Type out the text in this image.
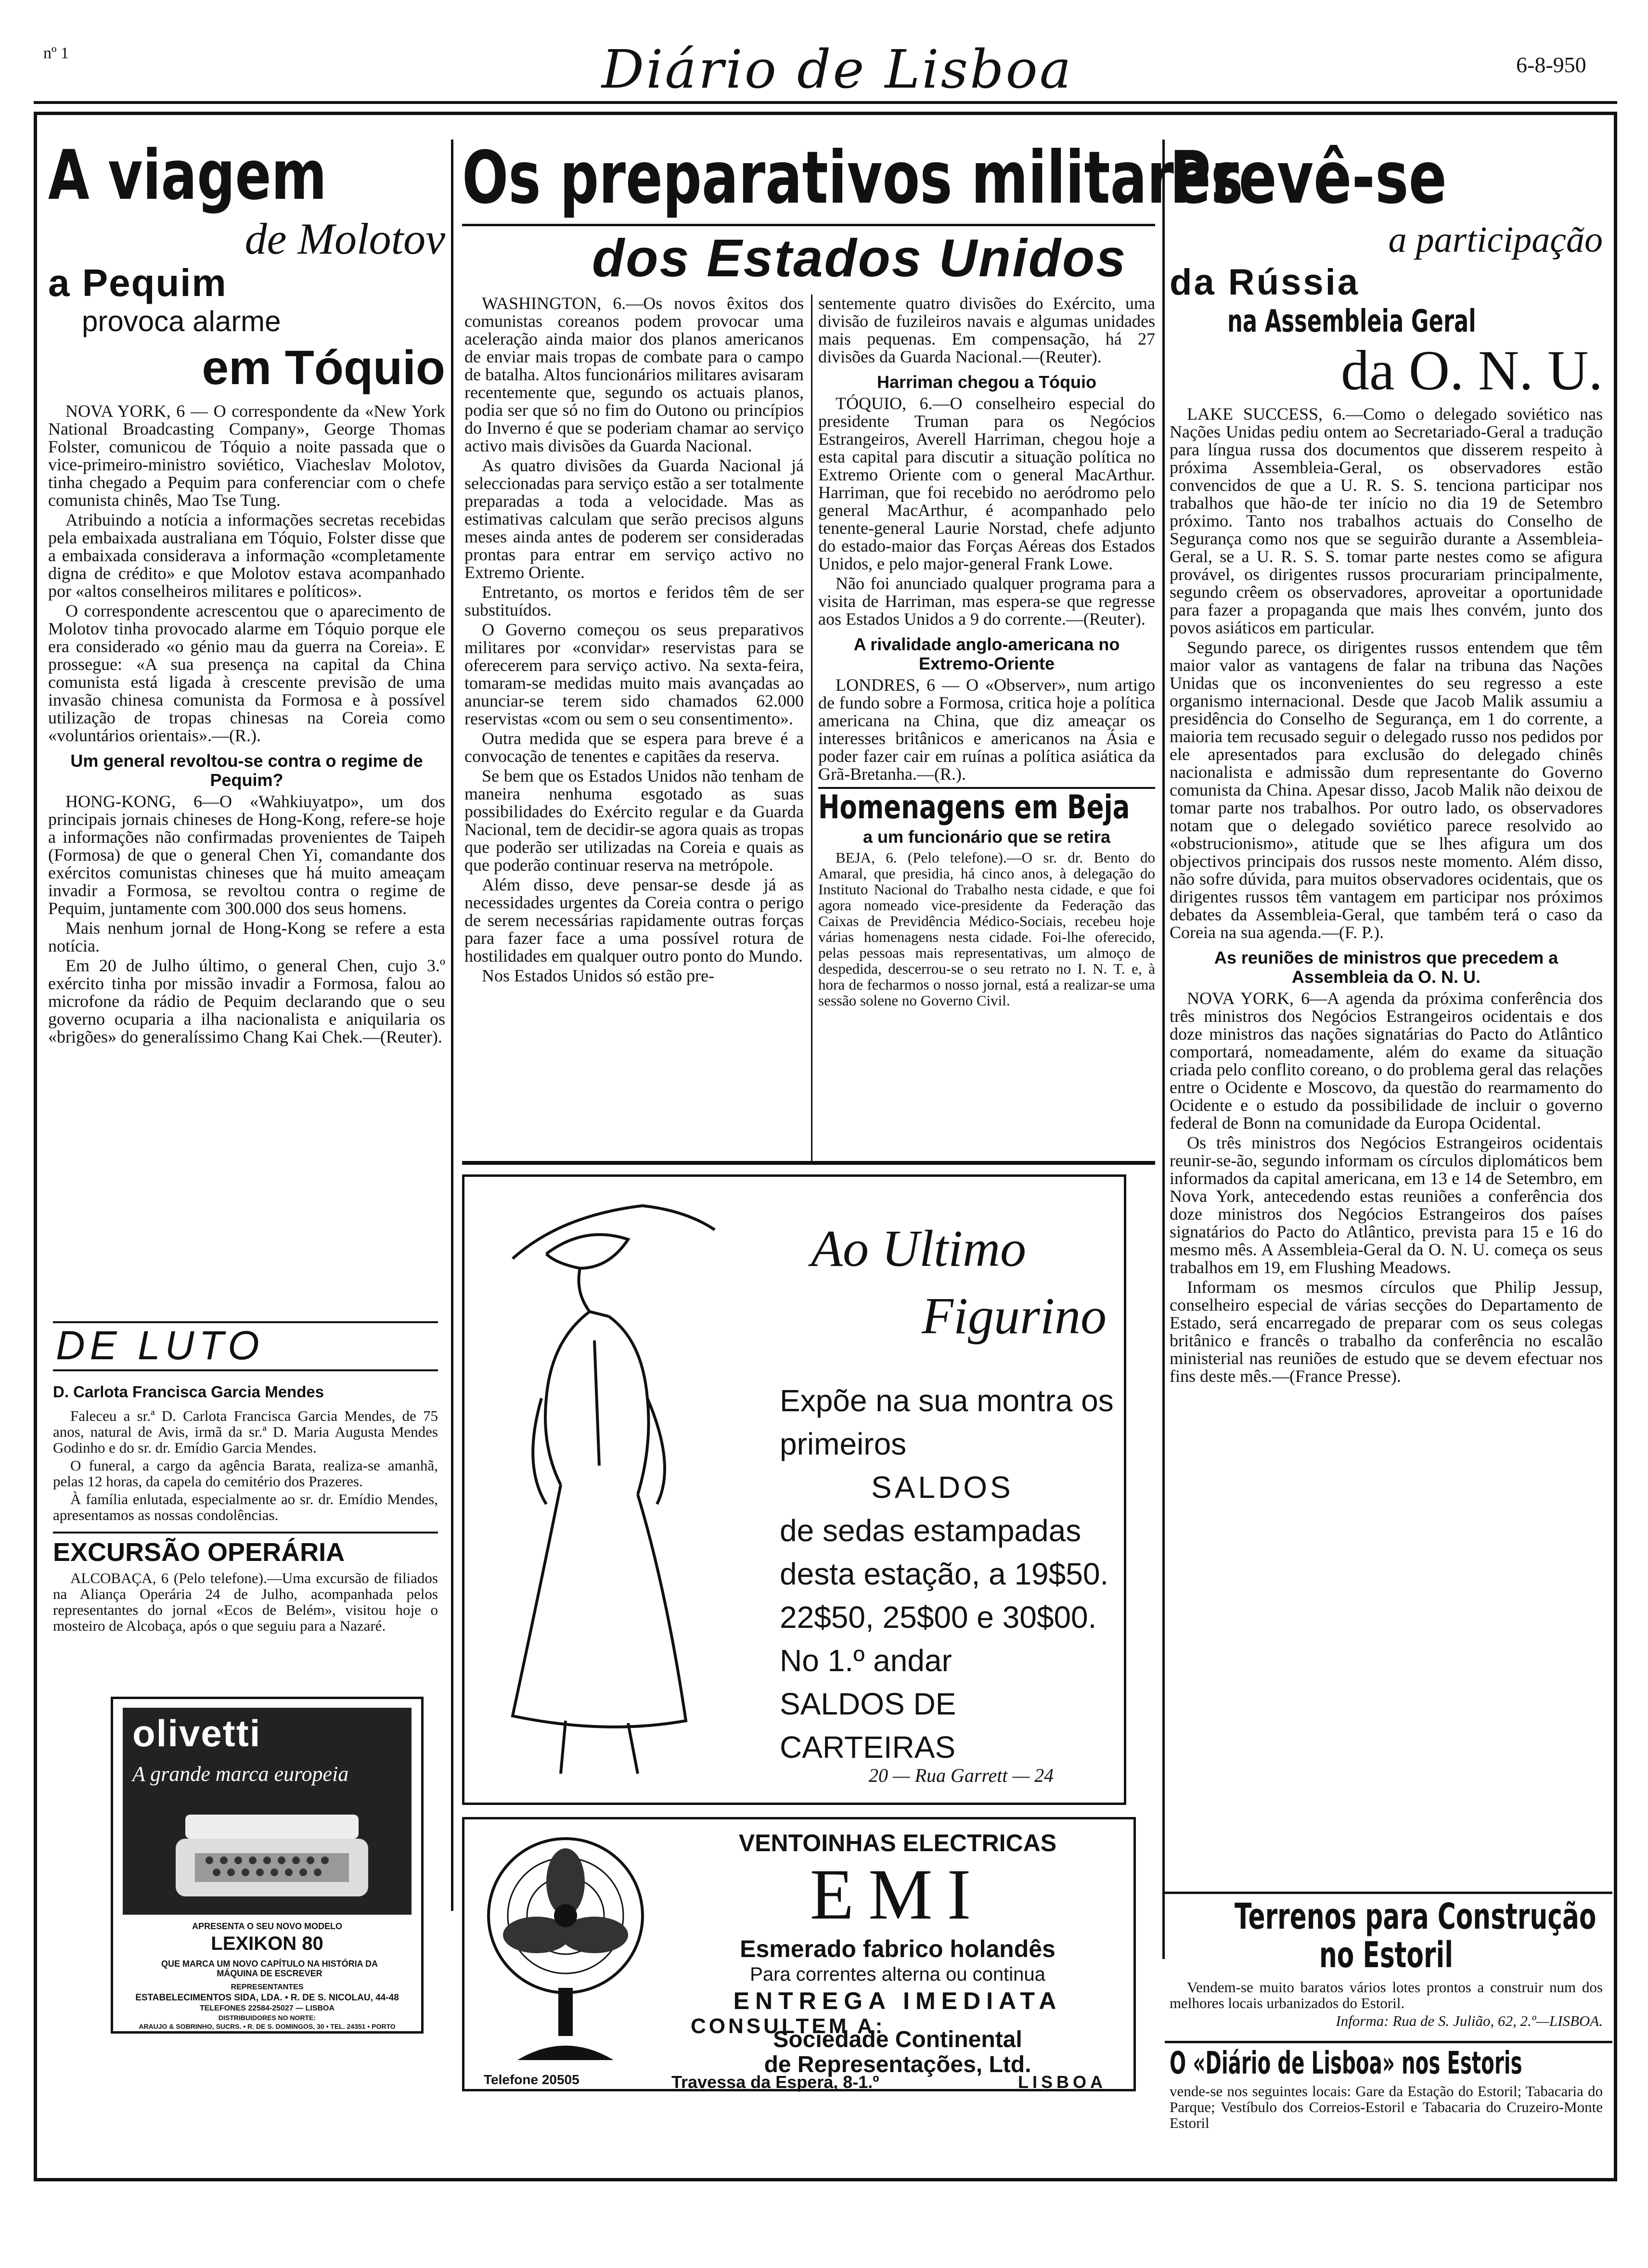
nº 1	Diário de Lisboa	6-8-950
A viagem
de Molotov
a Pequim
provoca alarme
em Tóquio

NOVA YORK, 6 — O correspondente da «New York National Broadcasting Company», George Thomas Folster, comunicou de Tóquio a noite passada que o vice-primeiro-ministro soviético, Viacheslav Molotov, tinha chegado a Pequim para conferenciar com o chefe comunista chinês, Mao Tse Tung.

Atribuindo a notícia a informações secretas recebidas pela embaixada australiana em Tóquio, Folster disse que a embaixada considerava a informação «completamente digna de crédito» e que Molotov estava acompanhado por «altos conselheiros militares e políticos».

O correspondente acrescentou que o aparecimento de Molotov tinha provocado alarme em Tóquio porque ele era considerado «o génio mau da guerra na Coreia». E prossegue: «A sua presença na capital da China comunista está ligada à crescente previsão de uma invasão chinesa comunista da Formosa e à possível utilização de tropas chinesas na Coreia como «voluntários orientais».—(R.).

Um general revoltou-se contra o regime de Pequim?

HONG-KONG, 6—O «Wahkiuyatpo», um dos principais jornais chineses de Hong-Kong, refere-se hoje a informações não confirmadas provenientes de Taipeh (Formosa) de que o general Chen Yi, comandante dos exércitos comunistas chineses que há muito ameaçam invadir a Formosa, se revoltou contra o regime de Pequim, juntamente com 300.000 dos seus homens.

Mais nenhum jornal de Hong-Kong se refere a esta notícia.

Em 20 de Julho último, o general Chen, cujo 3.º exército tinha por missão invadir a Formosa, falou ao microfone da rádio de Pequim declarando que o seu governo ocuparia a ilha nacionalista e aniquilaria os «brigões» do generalíssimo Chang Kai Chek.—(Reuter).

DE LUTO
D. Carlota Francisca Garcia Mendes

Faleceu a sr.ª D. Carlota Francisca Garcia Mendes, de 75 anos, natural de Avis, irmã da sr.ª D. Maria Augusta Mendes Godinho e do sr. dr. Emídio Garcia Mendes.

O funeral, a cargo da agência Barata, realiza-se amanhã, pelas 12 horas, da capela do cemitério dos Prazeres.

À família enlutada, especialmente ao sr. dr. Emídio Mendes, apresentamos as nossas condolências.

EXCURSÃO OPERÁRIA

ALCOBAÇA, 6 (Pelo telefone).—Uma excursão de filiados na Aliança Operária 24 de Julho, acompanhada pelos representantes do jornal «Ecos de Belém», visitou hoje o mosteiro de Alcobaça, após o que seguiu para a Nazaré.

olivetti
A grande marca europeia
APRESENTA O SEU NOVO MODELO
LEXIKON 80
QUE MARCA UM NOVO CAPÍTULO NA HISTÓRIA DA MÁQUINA DE ESCREVER
REPRESENTANTES
ESTABELECIMENTOS SIDA, LDA. • R. DE S. NICOLAU, 44-48
TELEFONES 22584-25027 — LISBOA
DISTRIBUIDORES NO NORTE:
ARAUJO & SOBRINHO, SUCRS. • R. DE S. DOMINGOS, 30 • TEL. 24351 • PORTO
Os preparativos militares
dos Estados Unidos

WASHINGTON, 6.—Os novos êxitos dos comunistas coreanos podem provocar uma aceleração ainda maior dos planos americanos de enviar mais tropas de combate para o campo de batalha. Altos funcionários militares avisaram recentemente que, segundo os actuais planos, podia ser que só no fim do Outono ou princípios do Inverno é que se poderiam chamar ao serviço activo mais divisões da Guarda Nacional.

As quatro divisões da Guarda Nacional já seleccionadas para serviço estão a ser totalmente preparadas a toda a velocidade. Mas as estimativas calculam que serão precisos alguns meses ainda antes de poderem ser consideradas prontas para entrar em serviço activo no Extremo Oriente.

Entretanto, os mortos e feridos têm de ser substituídos.

O Governo começou os seus preparativos militares por «convidar» reservistas para se oferecerem para serviço activo. Na sexta-feira, tomaram-se medidas muito mais avançadas ao anunciar-se terem sido chamados 62.000 reservistas «com ou sem o seu consentimento».

Outra medida que se espera para breve é a convocação de tenentes e capitães da reserva.

Se bem que os Estados Unidos não tenham de maneira nenhuma esgotado as suas possibilidades do Exército regular e da Guarda Nacional, tem de decidir-se agora quais as tropas que poderão ser utilizadas na Coreia e quais as que poderão continuar reserva na metrópole.

Além disso, deve pensar-se desde já as necessidades urgentes da Coreia contra o perigo de serem necessárias rapidamente outras forças para fazer face a uma possível rotura de hostilidades em qualquer outro ponto do Mundo.

Nos Estados Unidos só estão pre-

sentemente quatro divisões do Exército, uma divisão de fuzileiros navais e algumas unidades mais pequenas. Em compensação, há 27 divisões da Guarda Nacional.—(Reuter).

Harriman chegou a Tóquio

TÓQUIO, 6.—O conselheiro especial do presidente Truman para os Negócios Estrangeiros, Averell Harriman, chegou hoje a esta capital para discutir a situação política no Extremo Oriente com o general MacArthur. Harriman, que foi recebido no aeródromo pelo general MacArthur, é acompanhado pelo tenente-general Laurie Norstad, chefe adjunto do estado-maior das Forças Aéreas dos Estados Unidos, e pelo major-general Frank Lowe.

Não foi anunciado qualquer programa para a visita de Harriman, mas espera-se que regresse aos Estados Unidos a 9 do corrente.—(Reuter).

A rivalidade anglo-americana no Extremo-Oriente

LONDRES, 6 — O «Observer», num artigo de fundo sobre a Formosa, critica hoje a política americana na China, que diz ameaçar os interesses britânicos e americanos na Ásia e poder fazer cair em ruínas a política asiática da Grã-Bretanha.—(R.).

Homenagens em Beja
a um funcionário que se retira

BEJA, 6. (Pelo telefone).—O sr. dr. Bento do Amaral, que presidia, há cinco anos, à delegação do Instituto Nacional do Trabalho nesta cidade, e que foi agora nomeado vice-presidente da Federação das Caixas de Previdência Médico-Sociais, recebeu hoje várias homenagens nesta cidade. Foi-lhe oferecido, pelas pessoas mais representativas, um almoço de despedida, descerrou-se o seu retrato no I. N. T. e, à hora de fecharmos o nosso jornal, está a realizar-se uma sessão solene no Governo Civil.

Ao Ultimo
Figurino
Expõe na sua montra os
primeiros
SALDOS
de sedas estampadas
desta estação, a 19$50.
22$50, 25$00 e 30$00.
No 1.º andar
SALDOS DE CARTEIRAS
20 — Rua Garrett — 24
VENTOINHAS ELECTRICAS
EMI
Esmerado fabrico holandês
Para correntes alterna ou continua
ENTREGA IMEDIATA
CONSULTEM A:
Sociedade Continental
de Representações, Ltd.
Telefone 20505	Travessa da Espera, 8-1.º	LISBOA
Prevê-se
a participação
da Rússia
na Assembleia Geral
da O. N. U.

LAKE SUCCESS, 6.—Como o delegado soviético nas Nações Unidas pediu ontem ao Secretariado-Geral a tradução para língua russa dos documentos que disserem respeito à próxima Assembleia-Geral, os observadores estão convencidos de que a U. R. S. S. tenciona participar nos trabalhos que hão-de ter início no dia 19 de Setembro próximo. Tanto nos trabalhos actuais do Conselho de Segurança como nos que se seguirão durante a Assembleia-Geral, se a U. R. S. S. tomar parte nestes como se afigura provável, os dirigentes russos procurariam principalmente, segundo crêem os observadores, aproveitar a oportunidade para fazer a propaganda que mais lhes convém, junto dos povos asiáticos em particular.

Segundo parece, os dirigentes russos entendem que têm maior valor as vantagens de falar na tribuna das Nações Unidas que os inconvenientes do seu regresso a este organismo internacional. Desde que Jacob Malik assumiu a presidência do Conselho de Segurança, em 1 do corrente, a maioria tem recusado seguir o delegado russo nos pedidos por ele apresentados para exclusão do delegado chinês nacionalista e admissão dum representante do Governo comunista da China. Apesar disso, Jacob Malik não deixou de tomar parte nos trabalhos. Por outro lado, os observadores notam que o delegado soviético parece resolvido ao «obstrucionismo», atitude que se lhes afigura um dos objectivos principais dos russos neste momento. Além disso, não sofre dúvida, para muitos observadores ocidentais, que os dirigentes russos têm vantagem em participar nos próximos debates da Assembleia-Geral, que também terá o caso da Coreia na sua agenda.—(F. P.).

As reuniões de ministros que precedem a Assembleia da O. N. U.

NOVA YORK, 6—A agenda da próxima conferência dos três ministros dos Negócios Estrangeiros ocidentais e dos doze ministros das nações signatárias do Pacto do Atlântico comportará, nomeadamente, além do exame da situação criada pelo conflito coreano, o do problema geral das relações entre o Ocidente e Moscovo, da questão do rearmamento do Ocidente e o estudo da possibilidade de incluir o governo federal de Bonn na comunidade da Europa Ocidental.

Os três ministros dos Negócios Estrangeiros ocidentais reunir-se-ão, segundo informam os círculos diplomáticos bem informados da capital americana, em 13 e 14 de Setembro, em Nova York, antecedendo estas reuniões a conferência dos doze ministros dos Negócios Estrangeiros dos países signatários do Pacto do Atlântico, prevista para 15 e 16 do mesmo mês. A Assembleia-Geral da O. N. U. começa os seus trabalhos em 19, em Flushing Meadows.

Informam os mesmos círculos que Philip Jessup, conselheiro especial de várias secções do Departamento de Estado, será encarregado de preparar com os seus colegas britânico e francês o trabalho da conferência no escalão ministerial nas reuniões de estudo que se devem efectuar nos fins deste mês.—(France Presse).

Terrenos para Construção
no Estoril

Vendem-se muito baratos vários lotes prontos a construir num dos melhores locais urbanizados do Estoril.

Informa: Rua de S. Julião, 62, 2.º—LISBOA.

O «Diário de Lisboa» nos Estoris

vende-se nos seguintes locais: Gare da Estação do Estoril; Tabacaria do Parque; Vestíbulo dos Correios-Estoril e Tabacaria do Cruzeiro-Monte Estoril
